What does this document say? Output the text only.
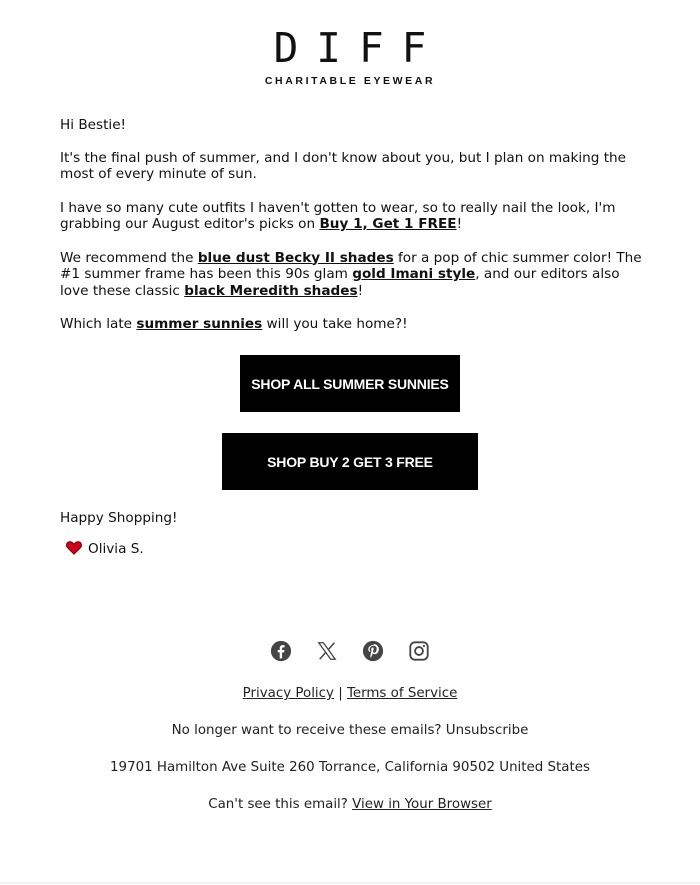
DIFF
CHARITABLE EYEWEAR

Hi Bestie!

It's the final push of summer, and I don't know about you, but I plan on making the most of every minute of sun.

I have so many cute outfits I haven't gotten to wear, so to really nail the look, I'm grabbing our August editor's picks on Buy 1, Get 1 FREE!

We recommend the blue dust Becky II shades for a pop of chic summer color! The #1 summer frame has been this 90s glam gold Imani style, and our editors also love these classic black Meredith shades!

Which late summer sunnies will you take home?!

SHOP ALL SUMMER SUNNIES
SHOP BUY 2 GET 3 FREE
Happy Shopping!
Olivia S.
Privacy Policy | Terms of Service
No longer want to receive these emails? Unsubscribe
19701 Hamilton Ave Suite 260 Torrance, California 90502 United States
Can't see this email? View in Your Browser
